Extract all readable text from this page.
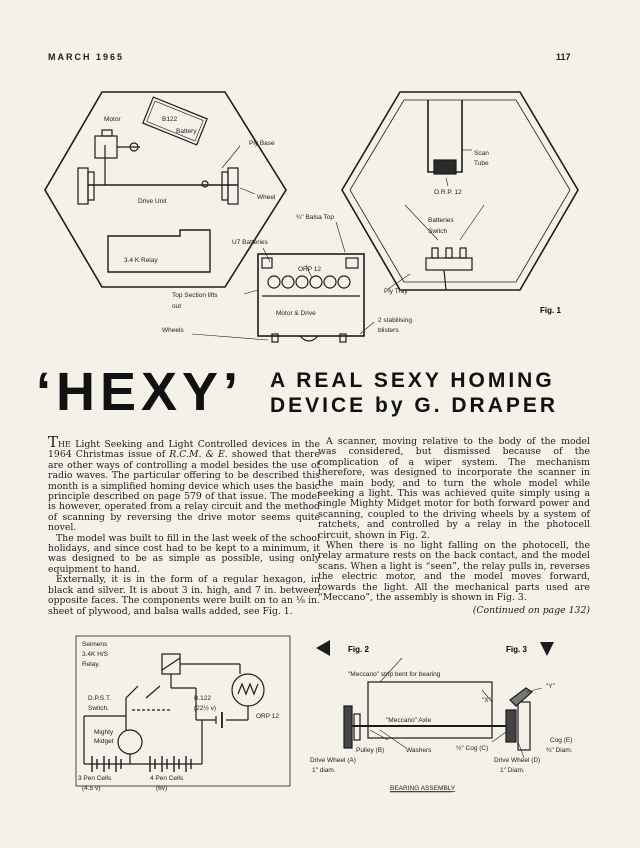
MARCH 1965	117
Motor	B122
Battery
Ply Base
Drive Unit
Wheel
3.4 K Relay
U7 Batteries
¼" Balsa Top
ORP 12
Top Section lifts
out
Motor & Drive
Wheels
2 stabilising
blisters
Ply Tray
Scan
Tube
O.R.P. 12
Batteries
Switch
Fig. 1
‘HEXY’ A REAL SEXY HOMING
DEVICE by G. DRAPER

THE Light Seeking and Light Controlled devices in the 1964 Christmas issue of R.C.M. & E. showed that there are other ways of controlling a model besides the use of radio waves. The particular offering to be described this month is a simplified homing device which uses the basic principle described on page 579 of that issue. The model is however, operated from a relay circuit and the method of scanning by reversing the drive motor seems quite novel.

The model was built to fill in the last week of the school holidays, and since cost had to be kept to a minimum, it was designed to be as simple as possible, using only equipment to hand.

Externally, it is in the form of a regular hexagon, in black and silver. It is about 3 in. high, and 7 in. between opposite faces. The components were built on to an ⅛ in. sheet of plywood, and balsa walls added, see Fig. 1.

A scanner, moving relative to the body of the model was considered, but dismissed because of the complication of a wiper system. The mechanism therefore, was designed to incorporate the scanner in the main body, and to turn the whole model while seeking a light. This was achieved quite simply using a single Mighty Midget motor for both forward power and scanning, coupled to the driving wheels by a system of ratchets, and controlled by a relay in the photocell circuit, shown in Fig. 2.

When there is no light falling on the photocell, the relay armature rests on the back contact, and the model scans. When a light is “seen”, the relay pulls in, reverses the electric motor, and the model moves forward, towards the light. All the mechanical parts used are “Meccano”, the assembly is shown in Fig. 3.

(Continued on page 132)
Seimens
3.4K H/S
Relay.
D.P.S.T.
Switch.
B.122
(22½ v)
ORP 12
Mighty
Midget
3 Pen Cells
(4.5 v)
4 Pen Cells
(6v)
Fig. 2	Fig. 3
"Meccano" strip bent for bearing
"X"
"Y"
"Meccano" Axle
Pulley (B)	Washers	½" Cog (C)
Cog (E)
¾" Diam.
Drive Wheel (A)
1" diam.
Drive Wheel (D)
1" Diam.
BEARING ASSEMBLY
